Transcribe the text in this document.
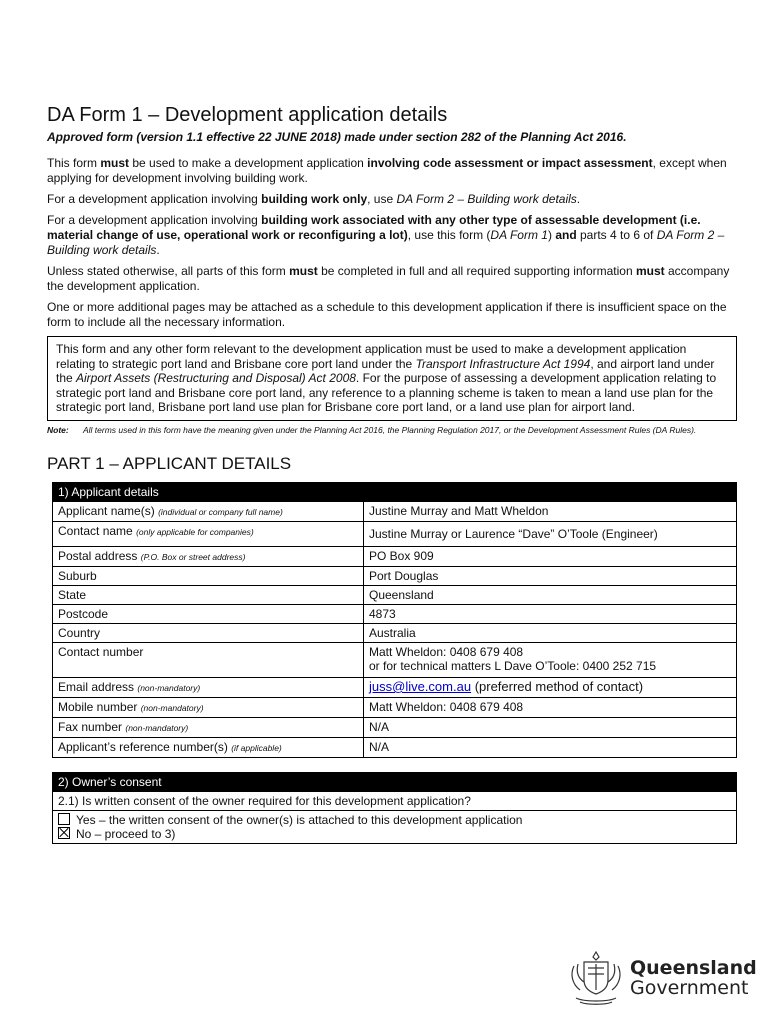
DA Form 1 – Development application details
Approved form (version 1.1 effective 22 JUNE 2018) made under section 282 of the Planning Act 2016.

This form must be used to make a development application involving code assessment or impact assessment, except when applying for development involving building work.

For a development application involving building work only, use DA Form 2 – Building work details.

For a development application involving building work associated with any other type of assessable development (i.e. material change of use, operational work or reconfiguring a lot), use this form (DA Form 1) and parts 4 to 6 of DA Form 2 – Building work details.

Unless stated otherwise, all parts of this form must be completed in full and all required supporting information must accompany the development application.

One or more additional pages may be attached as a schedule to this development application if there is insufficient space on the form to include all the necessary information.

This form and any other form relevant to the development application must be used to make a development application relating to strategic port land and Brisbane core port land under the Transport Infrastructure Act 1994, and airport land under the Airport Assets (Restructuring and Disposal) Act 2008. For the purpose of assessing a development application relating to strategic port land and Brisbane core port land, any reference to a planning scheme is taken to mean a land use plan for the strategic port land, Brisbane port land use plan for Brisbane core port land, or a land use plan for airport land.
Note:	All terms used in this form have the meaning given under the Planning Act 2016, the Planning Regulation 2017, or the Development Assessment Rules (DA Rules).
PART 1 – APPLICANT DETAILS
1) Applicant details	
Applicant name(s) (individual or company full name)	Justine Murray and Matt Wheldon
Contact name (only applicable for companies)	Justine Murray or Laurence “Dave” O’Toole (Engineer)
Postal address (P.O. Box or street address)	PO Box 909
Suburb	Port Douglas
State	Queensland
Postcode	4873
Country	Australia
Contact number	Matt Wheldon: 0408 679 408
or for technical matters L Dave O’Toole: 0400 252 715

Email address (non-mandatory)	juss@live.com.au (preferred method of contact)
Mobile number (non-mandatory)	Matt Wheldon: 0408 679 408
Fax number (non-mandatory)	N/A
Applicant’s reference number(s) (if applicable)	N/A
2) Owner’s consent
2.1) Is written consent of the owner required for this development application?

Yes – the written consent of the owner(s) is attached to this development application
No – proceed to 3)
Queensland
Government
